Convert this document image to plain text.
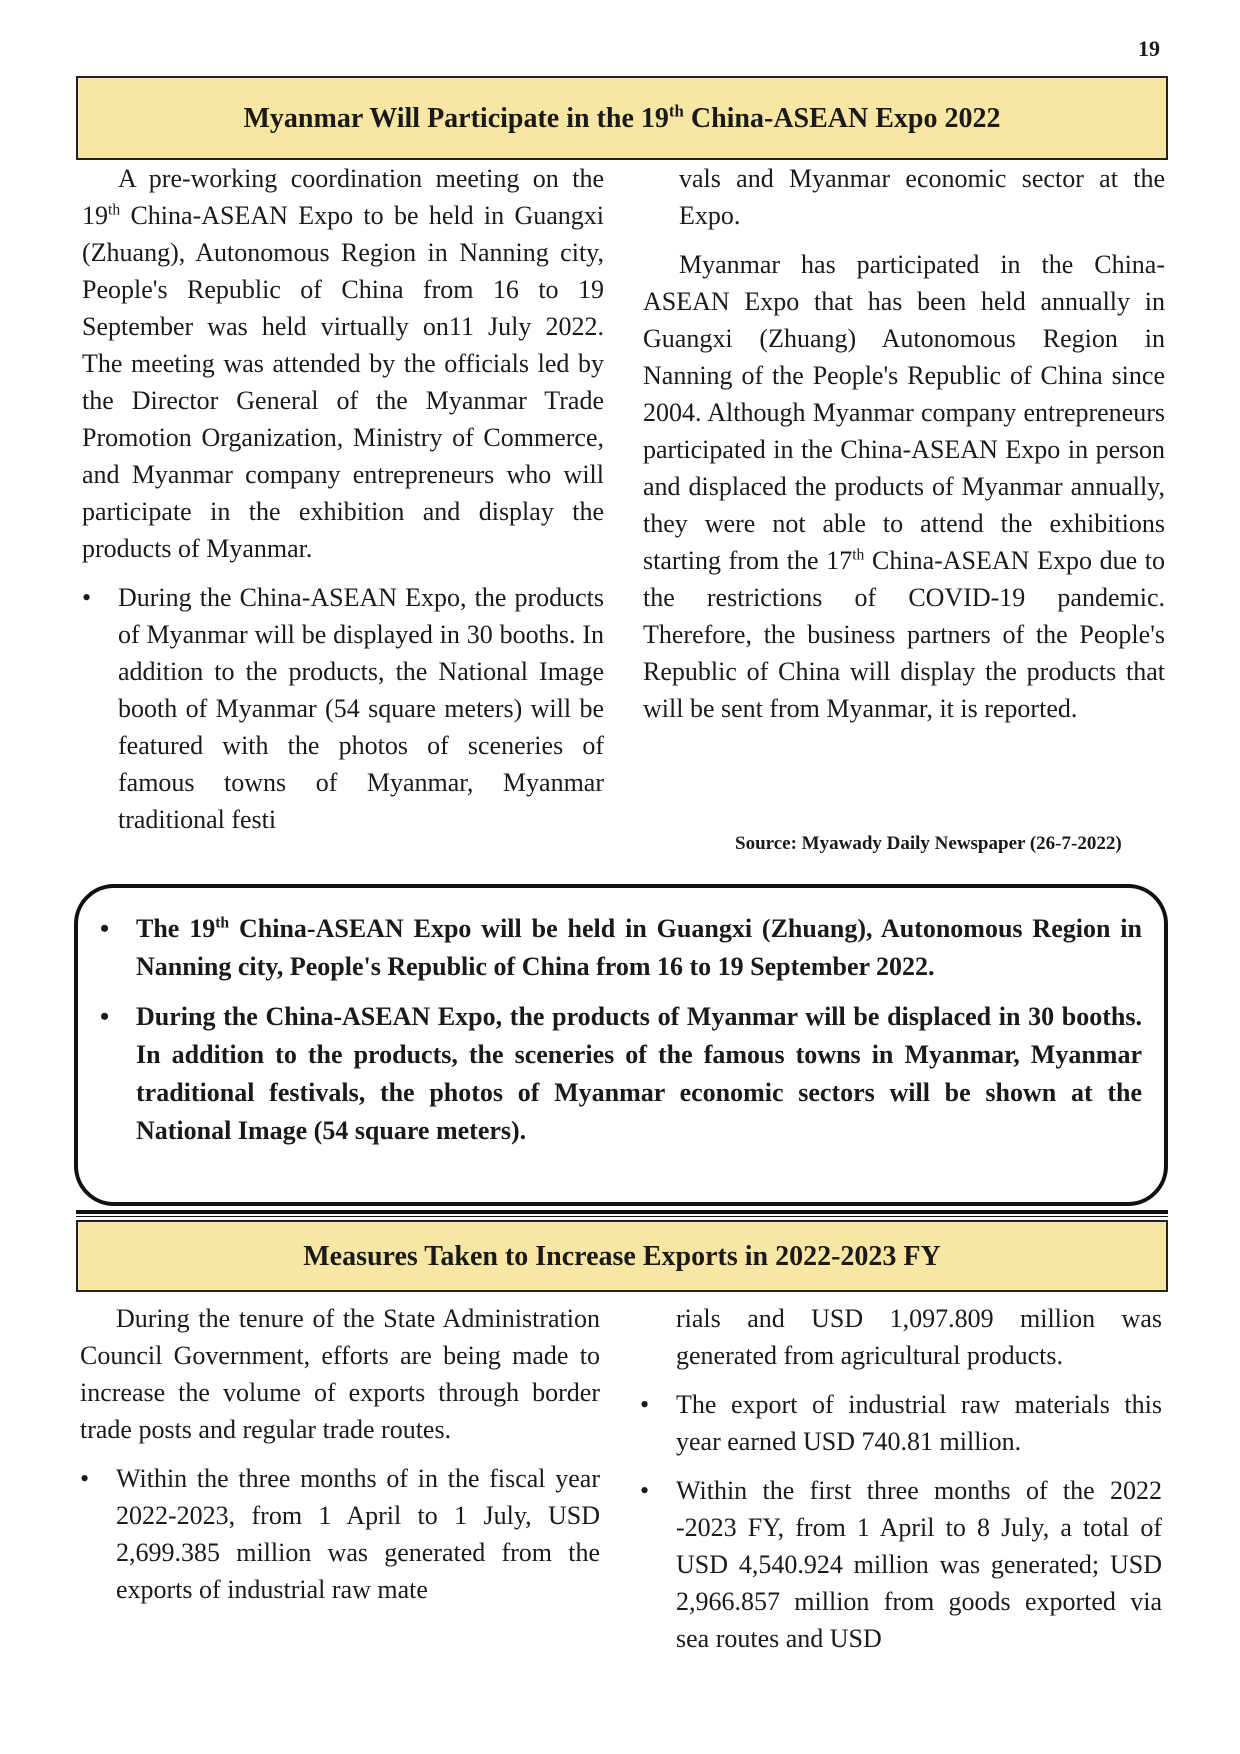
19
Myanmar Will Participate in the 19th China-ASEAN Expo 2022

A pre-working coordination meeting on the 19th China-ASEAN Expo to be held in Guangxi (Zhuang), Autonomous Region in Nanning city, People's Republic of China from 16 to 19 September was held virtually on11 July 2022. The meeting was attended by the officials led by the Director General of the Myanmar Trade Promotion Organization, Ministry of Commerce, and Myanmar company entrepreneurs who will participate in the exhibition and display the products of Myanmar.

•	During the China-ASEAN Expo, the products of Myanmar will be displayed in 30 booths. In addition to the products, the National Image booth of Myanmar (54 square meters) will be featured with the photos of sceneries of famous towns of Myanmar, Myanmar traditional festi

vals and Myanmar economic sector at the Expo.

Myanmar has participated in the China-ASEAN Expo that has been held annually in Guangxi (Zhuang) Autonomous Region in Nanning of the People's Republic of China since 2004. Although Myanmar company entrepreneurs participated in the China-ASEAN Expo in person and displaced the products of Myanmar annually, they were not able to attend the exhibitions starting from the 17th China-ASEAN Expo due to the restrictions of COVID-19 pandemic. Therefore, the business partners of the People's Republic of China will display the products that will be sent from Myanmar, it is reported.

Source: Myawady Daily Newspaper (26-7-2022)
•	The 19th China-ASEAN Expo will be held in Guangxi (Zhuang), Autonomous Region in Nanning city, People's Republic of China from 16 to 19 September 2022.
•	During the China-ASEAN Expo, the products of Myanmar will be displaced in 30 booths. In addition to the products, the sceneries of the famous towns in Myanmar, Myanmar traditional festivals, the photos of Myanmar economic sectors will be shown at the National Image (54 square meters).
Measures Taken to Increase Exports in 2022-2023 FY

During the tenure of the State Administration Council Government, efforts are being made to increase the volume of exports through border trade posts and regular trade routes.

•	Within the three months of in the fiscal year 2022-2023, from 1 April to 1 July, USD 2,699.385 million was generated from the exports of industrial raw mate

rials and USD 1,097.809 million was generated from agricultural products.

•	The export of industrial raw materials this year earned USD 740.81 million.
•	Within the first three months of the 2022 -2023 FY, from 1 April to 8 July, a total of USD 4,540.924 million was generated; USD 2,966.857 million from goods exported via sea routes and USD
